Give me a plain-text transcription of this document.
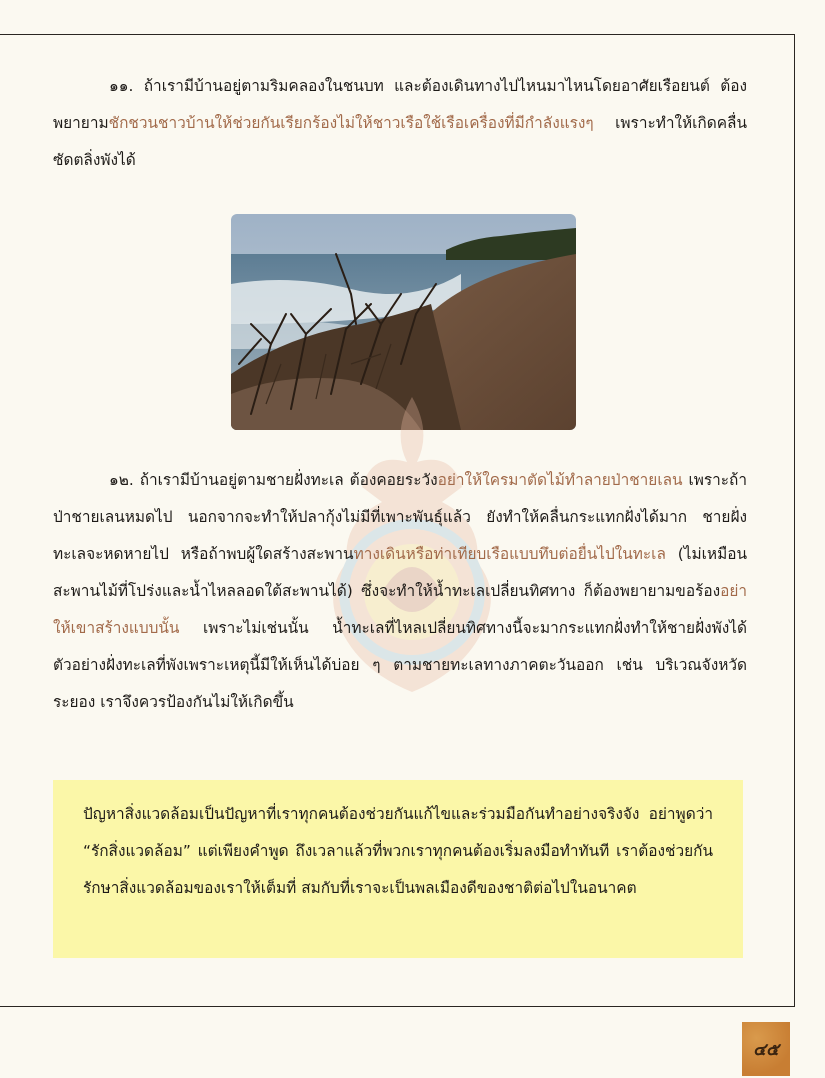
๑๑. ถ้าเรามีบ้านอยู่ตามริมคลองในชนบท และต้องเดินทางไปไหนมาไหนโดยอาศัยเรือยนต์ ต้องพยายามชักชวนชาวบ้านให้ช่วยกันเรียกร้องไม่ให้ชาวเรือใช้เรือเครื่องที่มีกำลังแรงๆ เพราะทำให้เกิดคลื่นซัดตลิ่งพังได้

๑๒. ถ้าเรามีบ้านอยู่ตามชายฝั่งทะเล ต้องคอยระวังอย่าให้ใครมาตัดไม้ทำลายป่าชายเลน เพราะถ้าป่าชายเลนหมดไป นอกจากจะทำให้ปลากุ้งไม่มีที่เพาะพันธุ์แล้ว ยังทำให้คลื่นกระแทกฝั่งได้มาก ชายฝั่งทะเลจะหดหายไป หรือถ้าพบผู้ใดสร้างสะพานทางเดินหรือท่าเทียบเรือแบบทึบต่อยื่นไปในทะเล (ไม่เหมือนสะพานไม้ที่โปร่งและน้ำไหลลอดใต้สะพานได้) ซึ่งจะทำให้น้ำทะเลเปลี่ยนทิศทาง ก็ต้องพยายามขอร้องอย่าให้เขาสร้างแบบนั้น เพราะไม่เช่นนั้น น้ำทะเลที่ไหลเปลี่ยนทิศทางนี้จะมากระแทกฝั่งทำให้ชายฝั่งพังได้ ตัวอย่างฝั่งทะเลที่พังเพราะเหตุนี้มีให้เห็นได้บ่อย ๆ ตามชายทะเลทางภาคตะวันออก เช่น บริเวณจังหวัดระยอง เราจึงควรป้องกันไม่ให้เกิดขึ้น

ปัญหาสิ่งแวดล้อมเป็นปัญหาที่เราทุกคนต้องช่วยกันแก้ไขและร่วมมือกันทำอย่างจริงจัง อย่าพูดว่า “รักสิ่งแวดล้อม” แต่เพียงคำพูด ถึงเวลาแล้วที่พวกเราทุกคนต้องเริ่มลงมือทำทันที เราต้องช่วยกันรักษาสิ่งแวดล้อมของเราให้เต็มที่ สมกับที่เราจะเป็นพลเมืองดีของชาติต่อไปในอนาคต

๔๕
